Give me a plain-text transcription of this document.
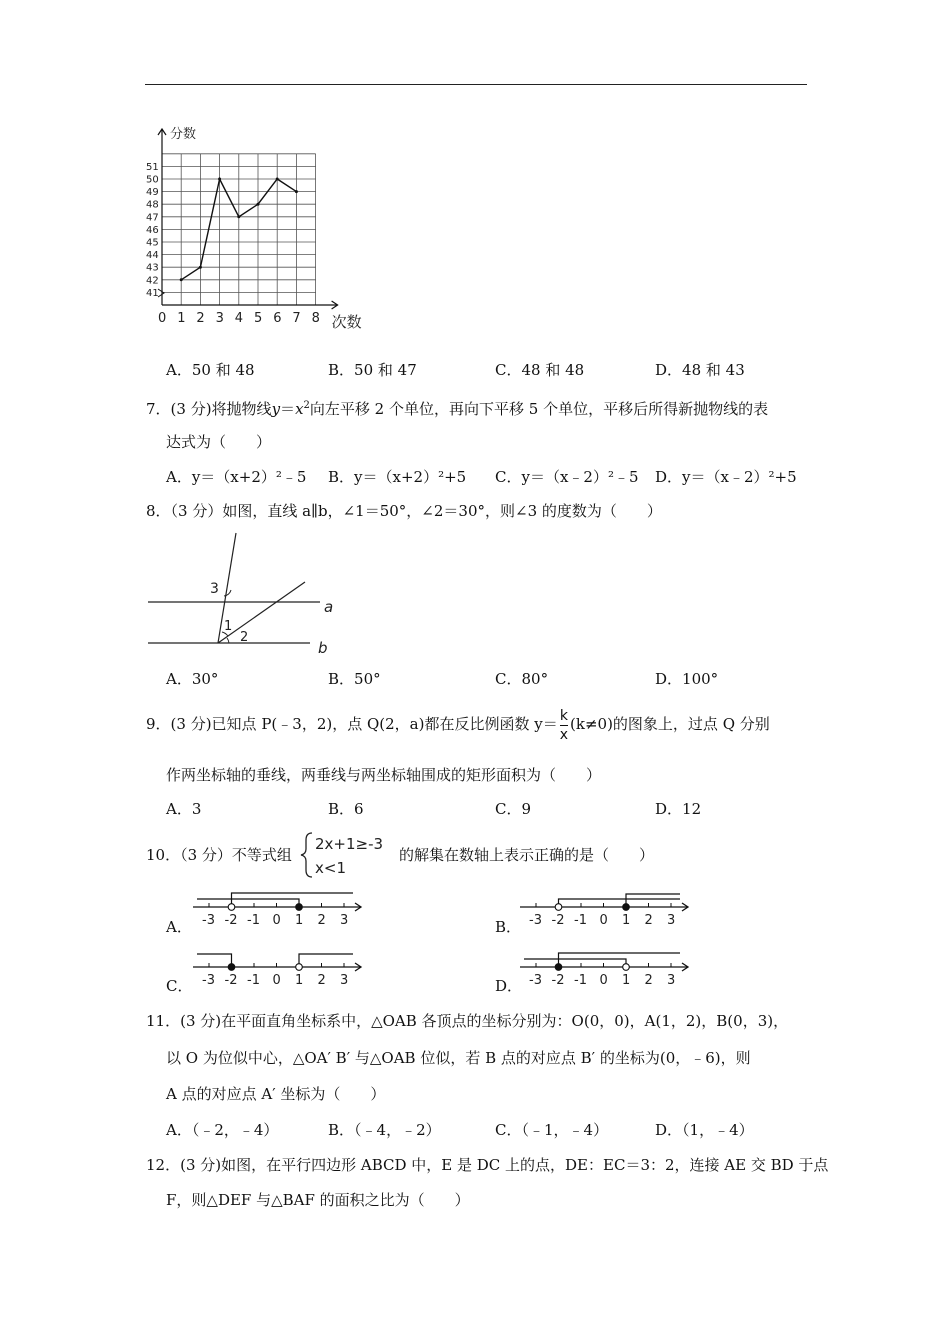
41
42
43
44
45
46
47
48
49
50
51
0 1 2 3 4 5 6 7 8
分数
次数
A．50 和 48	B．50 和 47	C．48 和 48	D．48 和 43
7．(3 分)将抛物线$y=x^2$向左平移 2 个单位，再向下平移 5 个单位，平移后所得新抛物线的表
达式为（　　）
A．y＝（x+2）²﹣5 B．y＝（x+2）²+5 C．y＝（x﹣2）²﹣5 D．y＝（x﹣2）²+5
8．（3 分）如图，直线 a∥b，∠1＝50°，∠2＝30°，则∠3 的度数为（　　）
3
1
2
a
b
A．30°	B．50°	C．80°	D．100°
9．(3 分)已知点 P(﹣3，2)，点 Q(2，a)都在反比例函数 $y= \frac{k}{x} (k\ne 0)$的图象上，过点 Q 分别
作两坐标轴的垂线，两垂线与两坐标轴围成的矩形面积为（　　）
A．3	B．6	C．9	D．12
10．（3 分）不等式组
2x+1≥-3
x<1
的解集在数轴上表示正确的是（　　）
A．	B．
C．	D．
-3 -2 -1 0 1 2 3	-3 -2 -1 0 1 2 3
-3 -2 -1 0 1 2 3	-3 -2 -1 0 1 2 3
11．(3 分)在平面直角坐标系中，△OAB 各顶点的坐标分别为：O(0，0)，A(1，2)，B(0，3)，
以 O 为位似中心，△OA′ B′ 与△OAB 位似，若 B 点的对应点 B′ 的坐标为(0，﹣6)，则
A 点的对应点 A′ 坐标为（　　）
A．（﹣2，﹣4）	B．（﹣4，﹣2）	C．（﹣1，﹣4）	D．（1，﹣4）
12．(3 分)如图，在平行四边形 ABCD 中，E 是 DC 上的点，DE：EC＝3：2，连接 AE 交 BD 于点
F，则△DEF 与△BAF 的面积之比为（　　）
